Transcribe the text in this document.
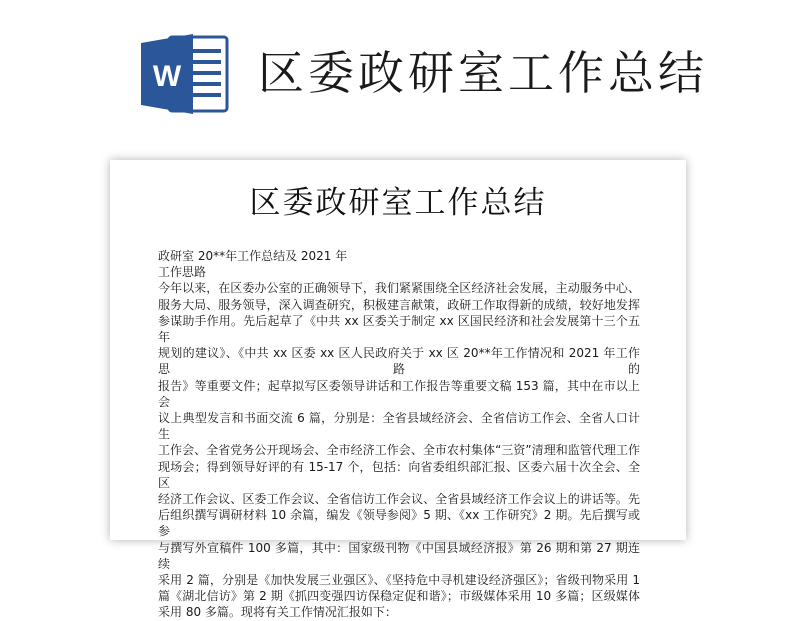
W 区委政研室工作总结
区委政研室工作总结

政研室 20**年工作总结及 2021 年

工作思路

今年以来，在区委办公室的正确领导下，我们紧紧围绕全区经济社会发展，主动服务中心、

服务大局、服务领导，深入调查研究，积极建言献策，政研工作取得新的成绩，较好地发挥

参谋助手作用。先后起草了《中共 xx 区委关于制定 xx 区国民经济和社会发展第十三个五年

规划的建议》、《中共 xx 区委 xx 区人民政府关于 xx 区 20**年工作情况和 2021 年工作思路的

报告》等重要文件；起草拟写区委领导讲话和工作报告等重要文稿 153 篇，其中在市以上会

议上典型发言和书面交流 6 篇，分别是：全省县域经济会、全省信访工作会、全省人口计生

工作会、全省党务公开现场会、全市经济工作会、全市农村集体“三资”清理和监管代理工作

现场会；得到领导好评的有 15-17 个，包括：向省委组织部汇报、区委六届十次全会、全区

经济工作会议、区委工作会议、全省信访工作会议、全省县域经济工作会议上的讲话等。先

后组织撰写调研材料 10 余篇，编发《领导参阅》5 期、《xx 工作研究》2 期。先后撰写或参

与撰写外宣稿件 100 多篇，其中：国家级刊物《中国县域经济报》第 26 期和第 27 期连续

采用 2 篇，分别是《加快发展三业强区》、《坚持危中寻机建设经济强区》；省级刊物采用 1

篇《湖北信访》第 2 期《抓四变强四访保稳定促和谐》；市级媒体采用 10 多篇；区级媒体

采用 80 多篇。现将有关工作情况汇报如下：
